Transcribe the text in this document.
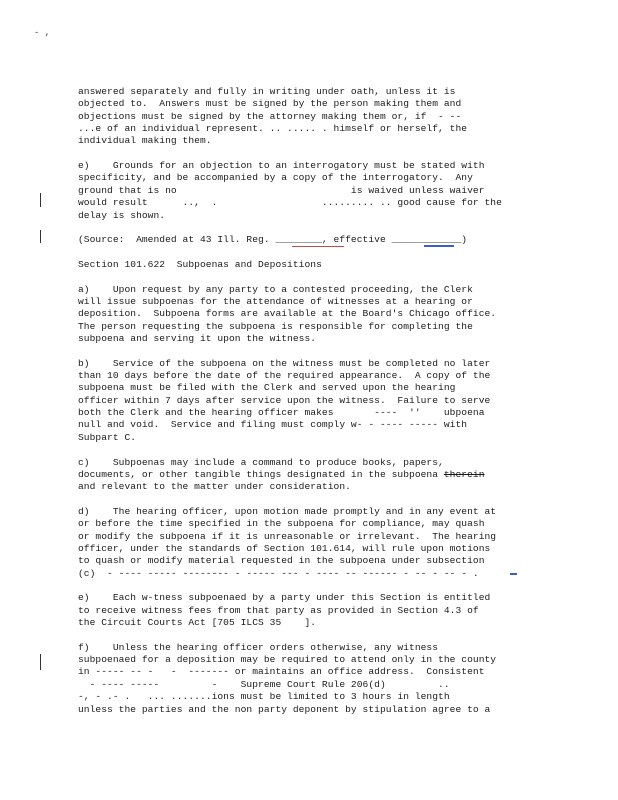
- ,
answered separately and fully in writing under oath, unless it is
objected to.  Answers must be signed by the person making them and
objections must be signed by the attorney making them or, if  - --
...e of an individual represent. .. ..... . himself or herself, the
individual making them.
e)    Grounds for an objection to an interrogatory must be stated with
specificity, and be accompanied by a copy of the interrogatory.  Any
ground that is no                              is waived unless waiver
would result      ..,  .                  ......... .. good cause for the
delay is shown.
(Source:  Amended at 43 Ill. Reg. ________, effective ____________)
Section 101.622  Subpoenas and Depositions
a)    Upon request by any party to a contested proceeding, the Clerk
will issue subpoenas for the attendance of witnesses at a hearing or
deposition.  Subpoena forms are available at the Board's Chicago office.
The person requesting the subpoena is responsible for completing the
subpoena and serving it upon the witness.
b)    Service of the subpoena on the witness must be completed no later
than 10 days before the date of the required appearance.  A copy of the
subpoena must be filed with the Clerk and served upon the hearing
officer within 7 days after service upon the witness.  Failure to serve
both the Clerk and the hearing officer makes       ----  ''    ubpoena
null and void.  Service and filing must comply w- - ---- ----- with
Subpart C.
c)    Subpoenas may include a command to produce books, papers,
documents, or other tangible things designated in the subpoena therein
and relevant to the matter under consideration.
d)    The hearing officer, upon motion made promptly and in any event at
or before the time specified in the subpoena for compliance, may quash
or modify the subpoena if it is unreasonable or irrelevant.  The hearing
officer, under the standards of Section 101.614, will rule upon motions
to quash or modify material requested in the subpoena under subsection
(c)  - ---- ----- -------- - ----- --- - ---- -- ------ - -- - -- - .
e)    Each w-tness subpoenaed by a party under this Section is entitled
to receive witness fees from that party as provided in Section 4.3 of
the Circuit Courts Act [705 ILCS 35    ].
f)    Unless the hearing officer orders otherwise, any witness
subpoenaed for a deposition may be required to attend only in the county
in ----- -- -   -  ------- or maintains an office address.  Consistent
- ---- -----         -    Supreme Court Rule 206(d)         ..
-, - .- .   ... .......ions must be limited to 3 hours in length
unless the parties and the non party deponent by stipulation agree to a
